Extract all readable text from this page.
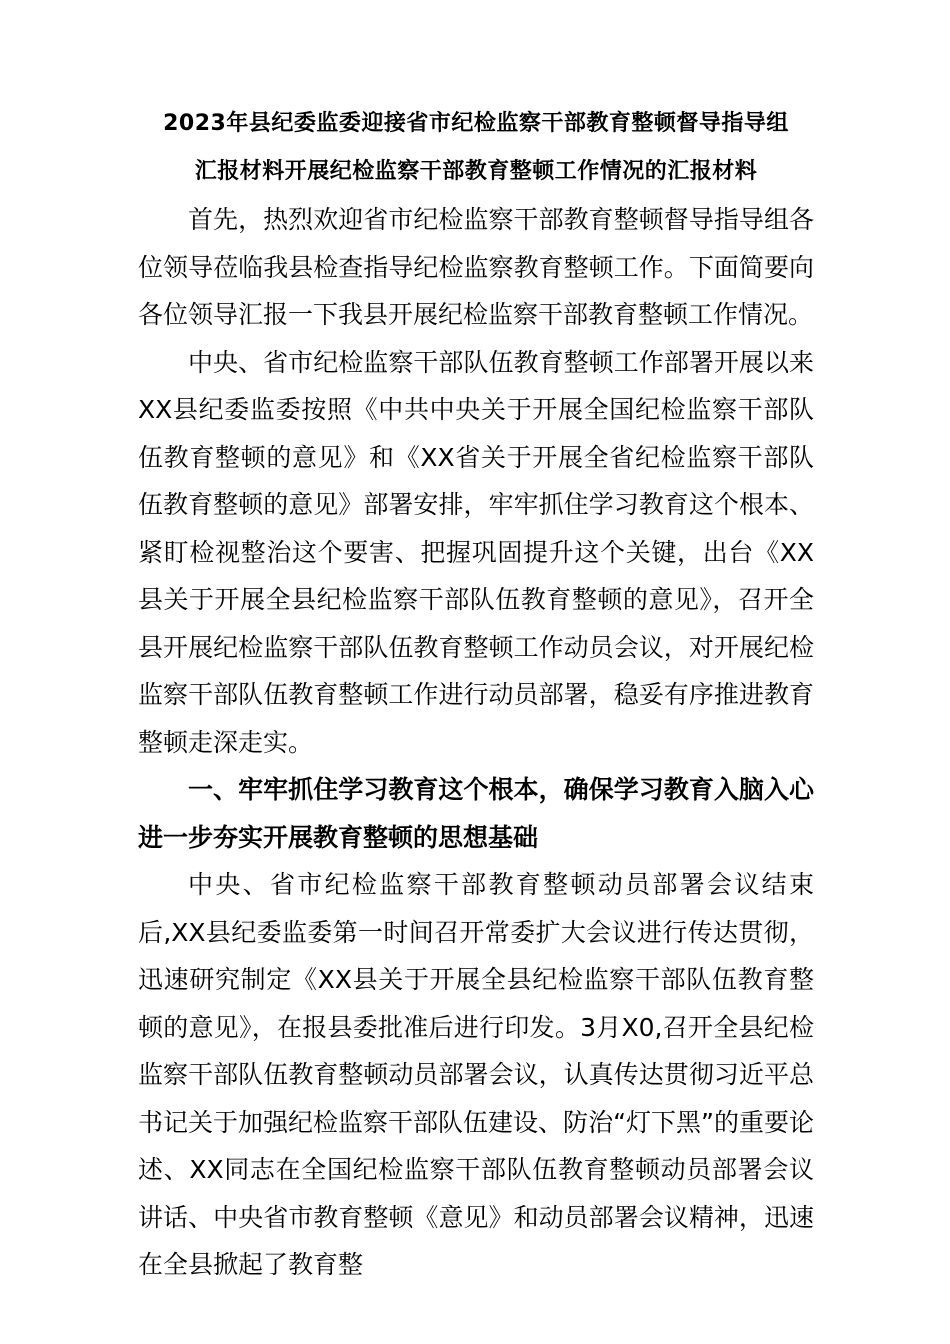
2023年县纪委监委迎接省市纪检监察干部教育整顿督导指导组
汇报材料开展纪检监察干部教育整顿工作情况的汇报材料

首先，热烈欢迎省市纪检监察干部教育整顿督导指导组各位领导莅临我县检查指导纪检监察教育整顿工作。下面简要向各位领导汇报一下我县开展纪检监察干部教育整顿工作情况。

中央、省市纪检监察干部队伍教育整顿工作部署开展以来XX县纪委监委按照《中共中央关于开展全国纪检监察干部队伍教育整顿的意见》和《XX省关于开展全省纪检监察干部队伍教育整顿的意见》部署安排，牢牢抓住学习教育这个根本、紧盯检视整治这个要害、把握巩固提升这个关键，出台《XX县关于开展全县纪检监察干部队伍教育整顿的意见》，召开全县开展纪检监察干部队伍教育整顿工作动员会议，对开展纪检监察干部队伍教育整顿工作进行动员部署，稳妥有序推进教育整顿走深走实。

一、牢牢抓住学习教育这个根本，确保学习教育入脑入心进一步夯实开展教育整顿的思想基础

中央、省市纪检监察干部教育整顿动员部署会议结束后,XX县纪委监委第一时间召开常委扩大会议进行传达贯彻，迅速研究制定《XX县关于开展全县纪检监察干部队伍教育整顿的意见》，在报县委批准后进行印发。3月X0,召开全县纪检监察干部队伍教育整顿动员部署会议，认真传达贯彻习近平总书记关于加强纪检监察干部队伍建设、防治“灯下黑”的重要论述、XX同志在全国纪检监察干部队伍教育整顿动员部署会议讲话、中央省市教育整顿《意见》和动员部署会议精神，迅速在全县掀起了教育整
